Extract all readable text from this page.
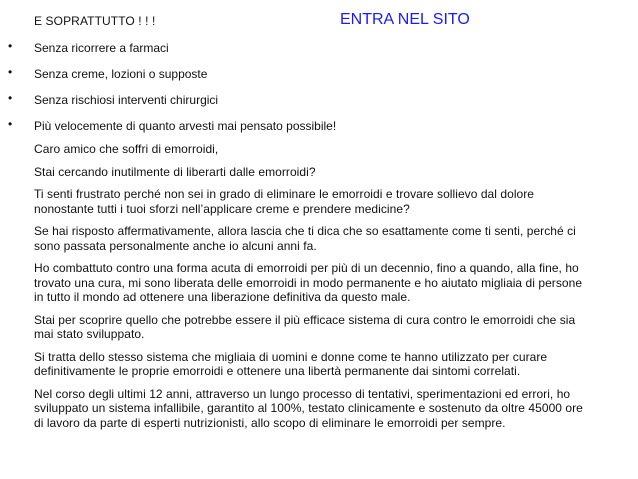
E SOPRATTUTTO ! ! !	ENTRA NEL SITO
• Senza ricorrere a farmaci
• Senza creme, lozioni o supposte
• Senza rischiosi interventi chirurgici
• Più velocemente di quanto arvesti mai pensato possibile!

Caro amico che soffri di emorroidi,

Stai cercando inutilmente di liberarti dalle emorroidi?

Ti senti frustrato perché non sei in grado di eliminare le emorroidi e trovare sollievo dal dolore nonostante tutti i tuoi sforzi nell’applicare creme e prendere medicine?

Se hai risposto affermativamente, allora lascia che ti dica che so esattamente come ti senti, perché ci sono passata personalmente anche io alcuni anni fa.

Ho combattuto contro una forma acuta di emorroidi per più di un decennio, fino a quando, alla fine, ho trovato una cura, mi sono liberata delle emorroidi in modo permanente e ho aiutato migliaia di persone in tutto il mondo ad ottenere una liberazione definitiva da questo male.

Stai per scoprire quello che potrebbe essere il più efficace sistema di cura contro le emorroidi che sia mai stato sviluppato.

Si tratta dello stesso sistema che migliaia di uomini e donne come te hanno utilizzato per curare definitivamente le proprie emorroidi e ottenere una libertà permanente dai sintomi correlati.

Nel corso degli ultimi 12 anni, attraverso un lungo processo di tentativi, sperimentazioni ed errori, ho sviluppato un sistema infallibile, garantito al 100%, testato clinicamente e sostenuto da oltre 45000 ore di lavoro da parte di esperti nutrizionisti, allo scopo di eliminare le emorroidi per sempre.
